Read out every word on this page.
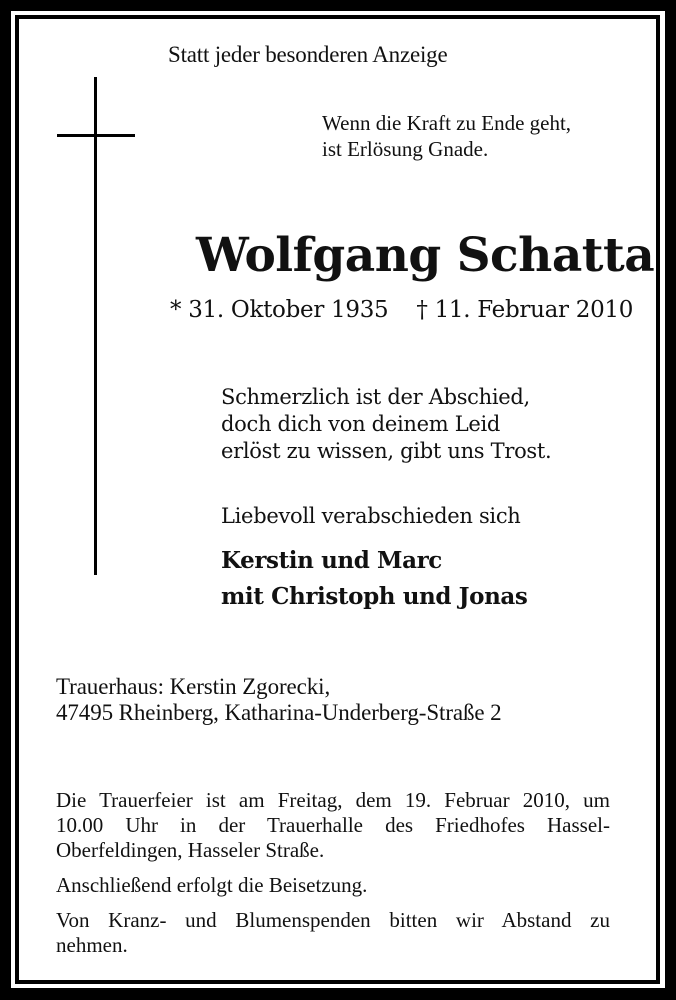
Statt jeder besonderen Anzeige
Wenn die Kraft zu Ende geht,
ist Erlösung Gnade.
Wolfgang Schatta
* 31. Oktober 1935 † 11. Februar 2010
Schmerzlich ist der Abschied,
doch dich von deinem Leid
erlöst zu wissen, gibt uns Trost.
Liebevoll verabschieden sich
Kerstin und Marc
mit Christoph und Jonas
Trauerhaus: Kerstin Zgorecki,
47495 Rheinberg, Katharina-Underberg-Straße 2

Die Trauerfeier ist am Freitag, dem 19. Februar 2010, um
10.00 Uhr in der Trauerhalle des Friedhofes Hassel-
Oberfeldingen, Hasseler Straße.

Anschließend erfolgt die Beisetzung.

Von Kranz- und Blumenspenden bitten wir Abstand zu
nehmen.
